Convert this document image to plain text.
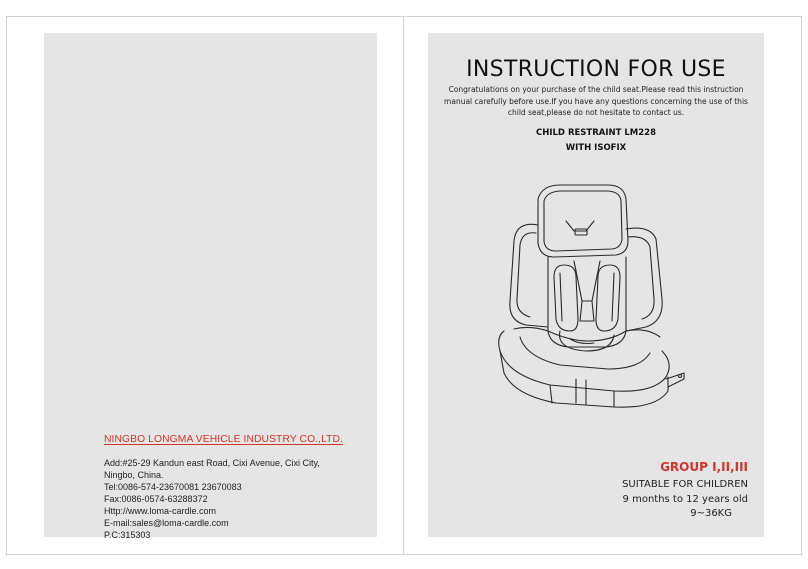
NINGBO LONGMA VEHICLE INDUSTRY CO.,LTD.

Add:#25-29 Kandun east Road, Cixi Avenue, Cixi City,
Ningbo, China.
Tel:0086-574-23670081 23670083
Fax:0086-0574-63288372
Http://www.loma-cardle.com
E-mail:sales@loma-cardle.com
P.C:315303
INSTRUCTION FOR USE

Congratulations on your purchase of the child seat.Please read this instruction manual carefully before use.If you have any questions concerning the use of this child seat,please do not hesitate to contact us.

CHILD RESTRAINT LM228
WITH ISOFIX

GROUP I,II,III

SUITABLE FOR CHILDREN
9 months to 12 years old
9~36KG
